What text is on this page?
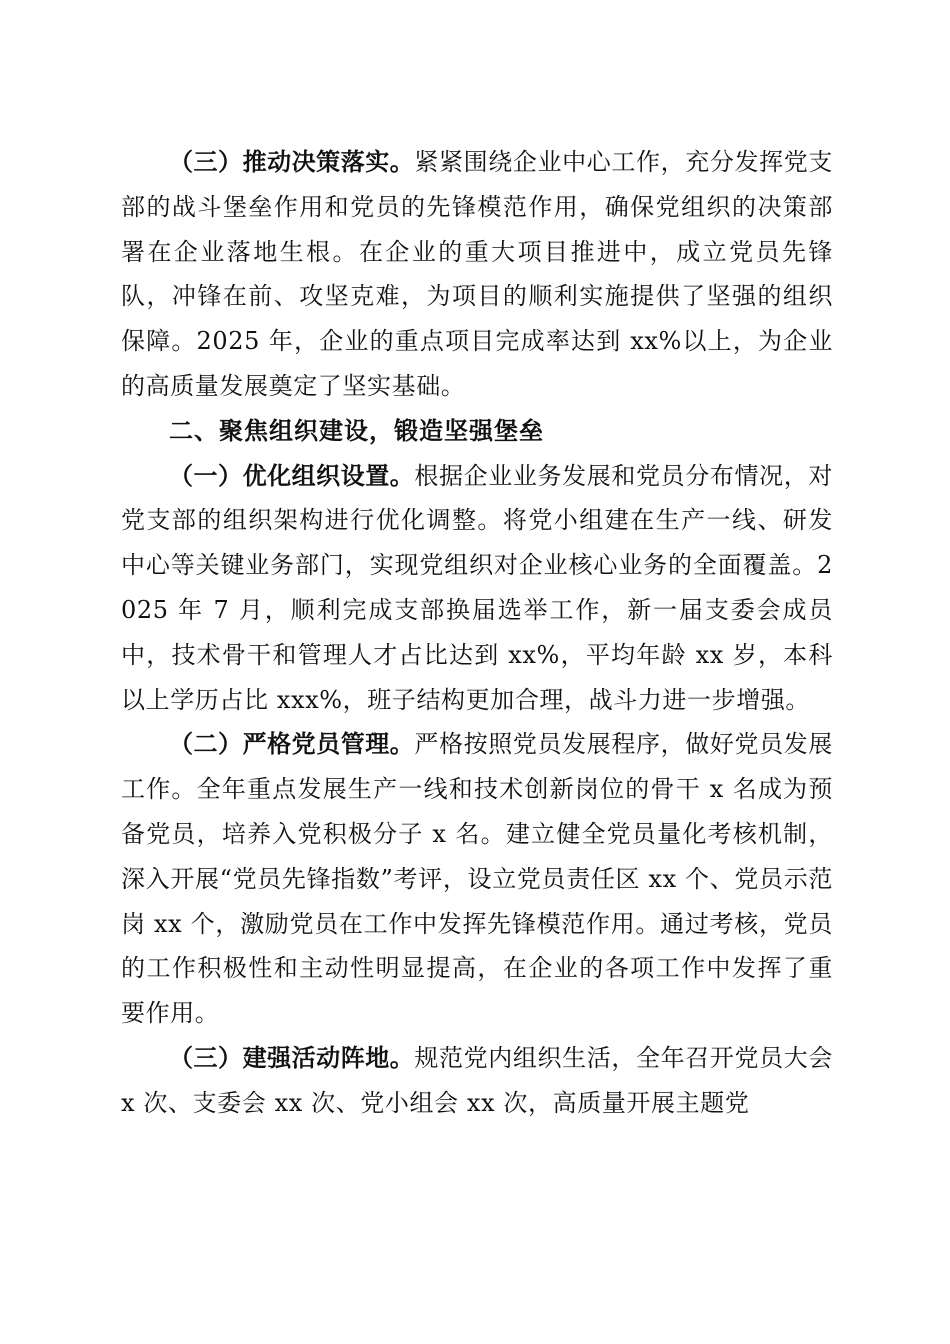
（三）推动决策落实。紧紧围绕企业中心工作，充分发挥党支部的战斗堡垒作用和党员的先锋模范作用，确保党组织的决策部署在企业落地生根。在企业的重大项目推进中，成立党员先锋队，冲锋在前、攻坚克难，为项目的顺利实施提供了坚强的组织保障。2025 年，企业的重点项目完成率达到 xx%以上，为企业的高质量发展奠定了坚实基础。

二、聚焦组织建设，锻造坚强堡垒

（一）优化组织设置。根据企业业务发展和党员分布情况，对党支部的组织架构进行优化调整。将党小组建在生产一线、研发中心等关键业务部门，实现党组织对企业核心业务的全面覆盖。2025 年 7 月，顺利完成支部换届选举工作，新一届支委会成员中，技术骨干和管理人才占比达到 xx%，平均年龄 xx 岁，本科以上学历占比 xxx%，班子结构更加合理，战斗力进一步增强。

（二）严格党员管理。严格按照党员发展程序，做好党员发展工作。全年重点发展生产一线和技术创新岗位的骨干 x 名成为预备党员，培养入党积极分子 x 名。建立健全党员量化考核机制，深入开展“党员先锋指数”考评，设立党员责任区 xx 个、党员示范岗 xx 个，激励党员在工作中发挥先锋模范作用。通过考核，党员的工作积极性和主动性明显提高，在企业的各项工作中发挥了重要作用。

（三）建强活动阵地。规范党内组织生活，全年召开党员大会 x 次、支委会 xx 次、党小组会 xx 次，高质量开展主题党
